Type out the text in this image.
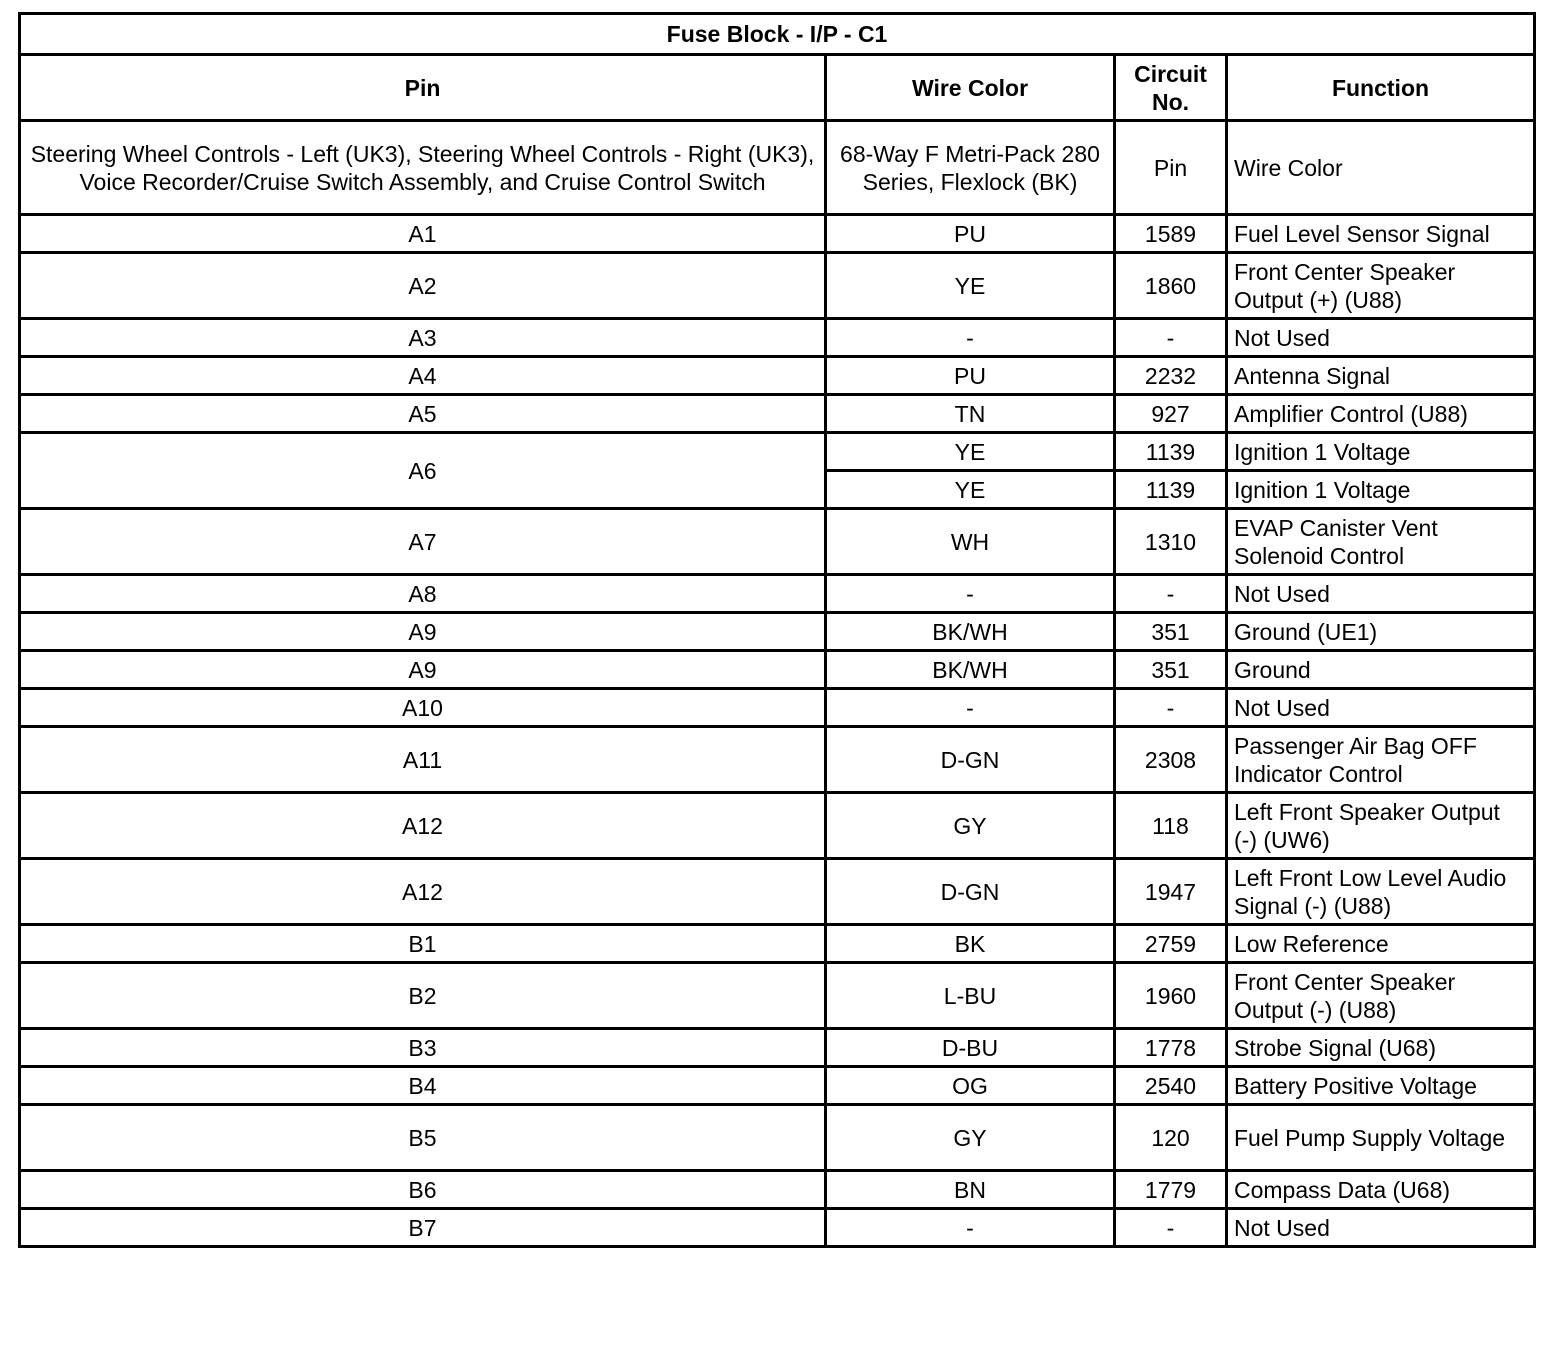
Fuse Block - I/P - C1			
Pin	Wire Color	Circuit No.	Function
Steering Wheel Controls - Left (UK3), Steering Wheel Controls - Right (UK3), Voice Recorder/Cruise Switch Assembly, and Cruise Control Switch	68-Way F Metri-Pack 280 Series, Flexlock (BK)	Pin	Wire Color
A1	PU	1589	Fuel Level Sensor Signal
A2	YE	1860	Front Center Speaker Output (+) (U88)
A3	-	-	Not Used
A4	PU	2232	Antenna Signal
A5	TN	927	Amplifier Control (U88)
A6	YE	1139	Ignition 1 Voltage
	YE	1139	Ignition 1 Voltage
A7	WH	1310	EVAP Canister Vent Solenoid Control
A8	-	-	Not Used
A9	BK/WH	351	Ground (UE1)
A9	BK/WH	351	Ground
A10	-	-	Not Used
A11	D-GN	2308	Passenger Air Bag OFF Indicator Control
A12	GY	118	Left Front Speaker Output (-) (UW6)
A12	D-GN	1947	Left Front Low Level Audio Signal (-) (U88)
B1	BK	2759	Low Reference
B2	L-BU	1960	Front Center Speaker Output (-) (U88)
B3	D-BU	1778	Strobe Signal (U68)
B4	OG	2540	Battery Positive Voltage
B5	GY	120	Fuel Pump Supply Voltage
B6	BN	1779	Compass Data (U68)
B7	-	-	Not Used
